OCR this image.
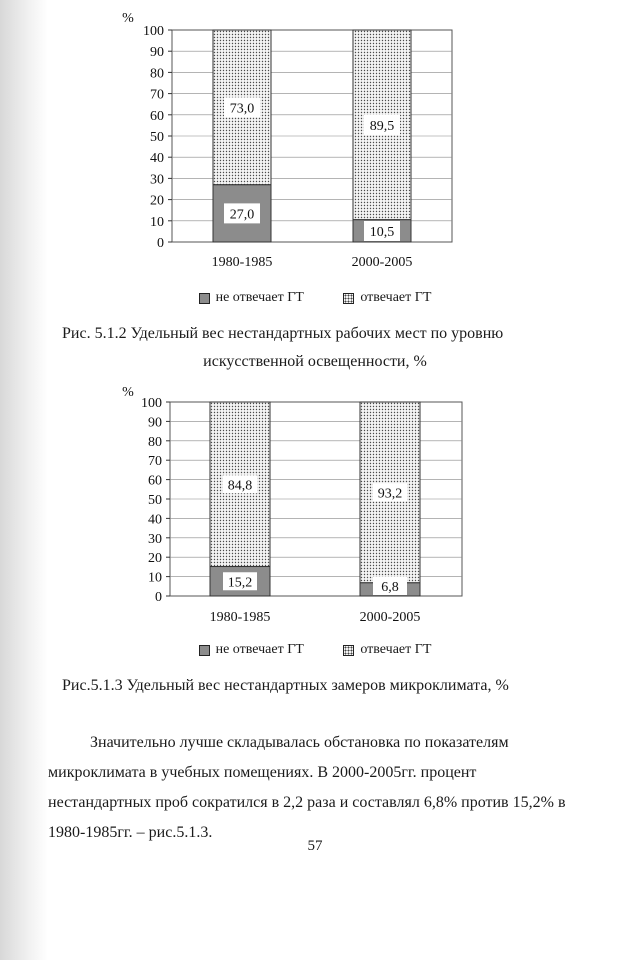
0
10
20
30
40
50
60
70
80
90
100
%
73,0
27,0
1980-1985
89,5
10,5
2000-2005
не отвечает ГТ
	отвечает ГТ
Рис. 5.1.2 Удельный вес нестандартных рабочих мест по уровню
искусственной освещенности, %
0
10
20
30
40
50
60
70
80
90
100
%
84,8
15,2
1980-1985
93,2
6,8
2000-2005
не отвечает ГТ
	отвечает ГТ
Рис.5.1.3 Удельный вес нестандартных замеров микроклимата, %
Значительно лучше складывалась обстановка по показателям
микроклимата в учебных помещениях. В 2000-2005гг. процент
нестандартных проб сократился в 2,2 раза и составлял 6,8% против 15,2% в
1980-1985гг. – рис.5.1.3.
57
